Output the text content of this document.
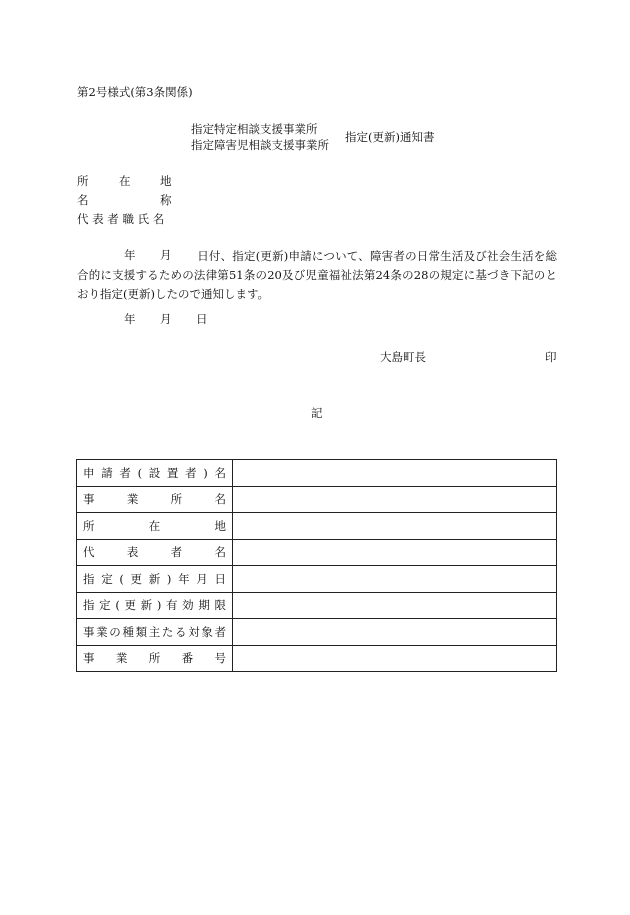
第2号様式(第3条関係)
指定特定相談支援事業所
指定障害児相談支援事業所
指定(更新)通知書
所	在	地
名	称
代 表 者 職 氏 名
年 月	日付、指定(更新)申請について、障害者の日常生活及び社会生活を総合的に支援するための法律第51条の20及び児童福祉法第24条の28の規定に基づき下記のとおり指定(更新)したので通知します。
年 月 日
大島町長	印
記
申請者(設置者)名	
事業所名	
所在地	
代表者名	
指定(更新)年月日	
指定(更新)有効期限	
事業の種類主たる対象者	
事業所番号	
